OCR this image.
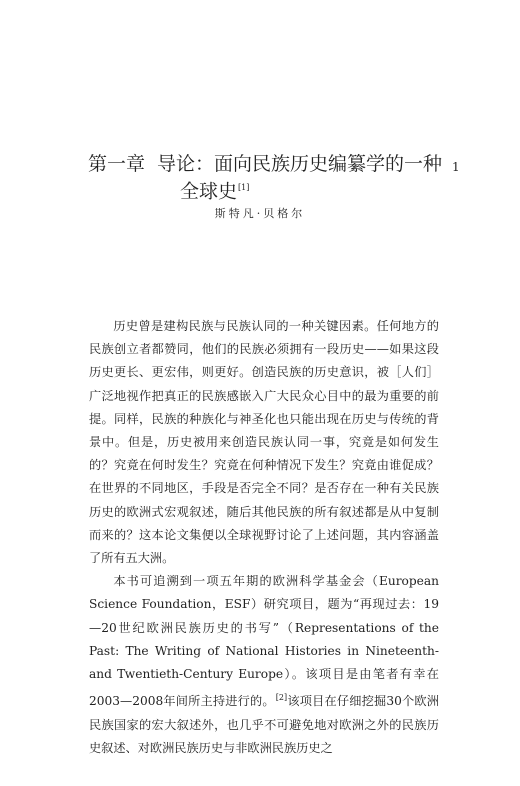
第一章 导论：面向民族历史编纂学的一种
全球史[1]
1
斯特凡·贝格尔

历史曾是建构民族与民族认同的一种关键因素。任何地方的民族创立者都赞同，他们的民族必须拥有一段历史——如果这段历史更长、更宏伟，则更好。创造民族的历史意识，被［人们］广泛地视作把真正的民族感嵌入广大民众心目中的最为重要的前提。同样，民族的种族化与神圣化也只能出现在历史与传统的背景中。但是，历史被用来创造民族认同一事，究竟是如何发生的？究竟在何时发生？究竟在何种情况下发生？究竟由谁促成？在世界的不同地区，手段是否完全不同？是否存在一种有关民族历史的欧洲式宏观叙述，随后其他民族的所有叙述都是从中复制而来的？这本论文集便以全球视野讨论了上述问题，其内容涵盖了所有五大洲。

本书可追溯到一项五年期的欧洲科学基金会（European Science Foundation，ESF）研究项目，题为“再现过去：19—20世纪欧洲民族历史的书写”（Representations of the Past: The Writing of National Histories in Nineteenth- and Twentieth-Century Europe）。该项目是由笔者有幸在2003—2008年间所主持进行的。[2]该项目在仔细挖掘30个欧洲民族国家的宏大叙述外，也几乎不可避免地对欧洲之外的民族历史叙述、对欧洲民族历史与非欧洲民族历史之
